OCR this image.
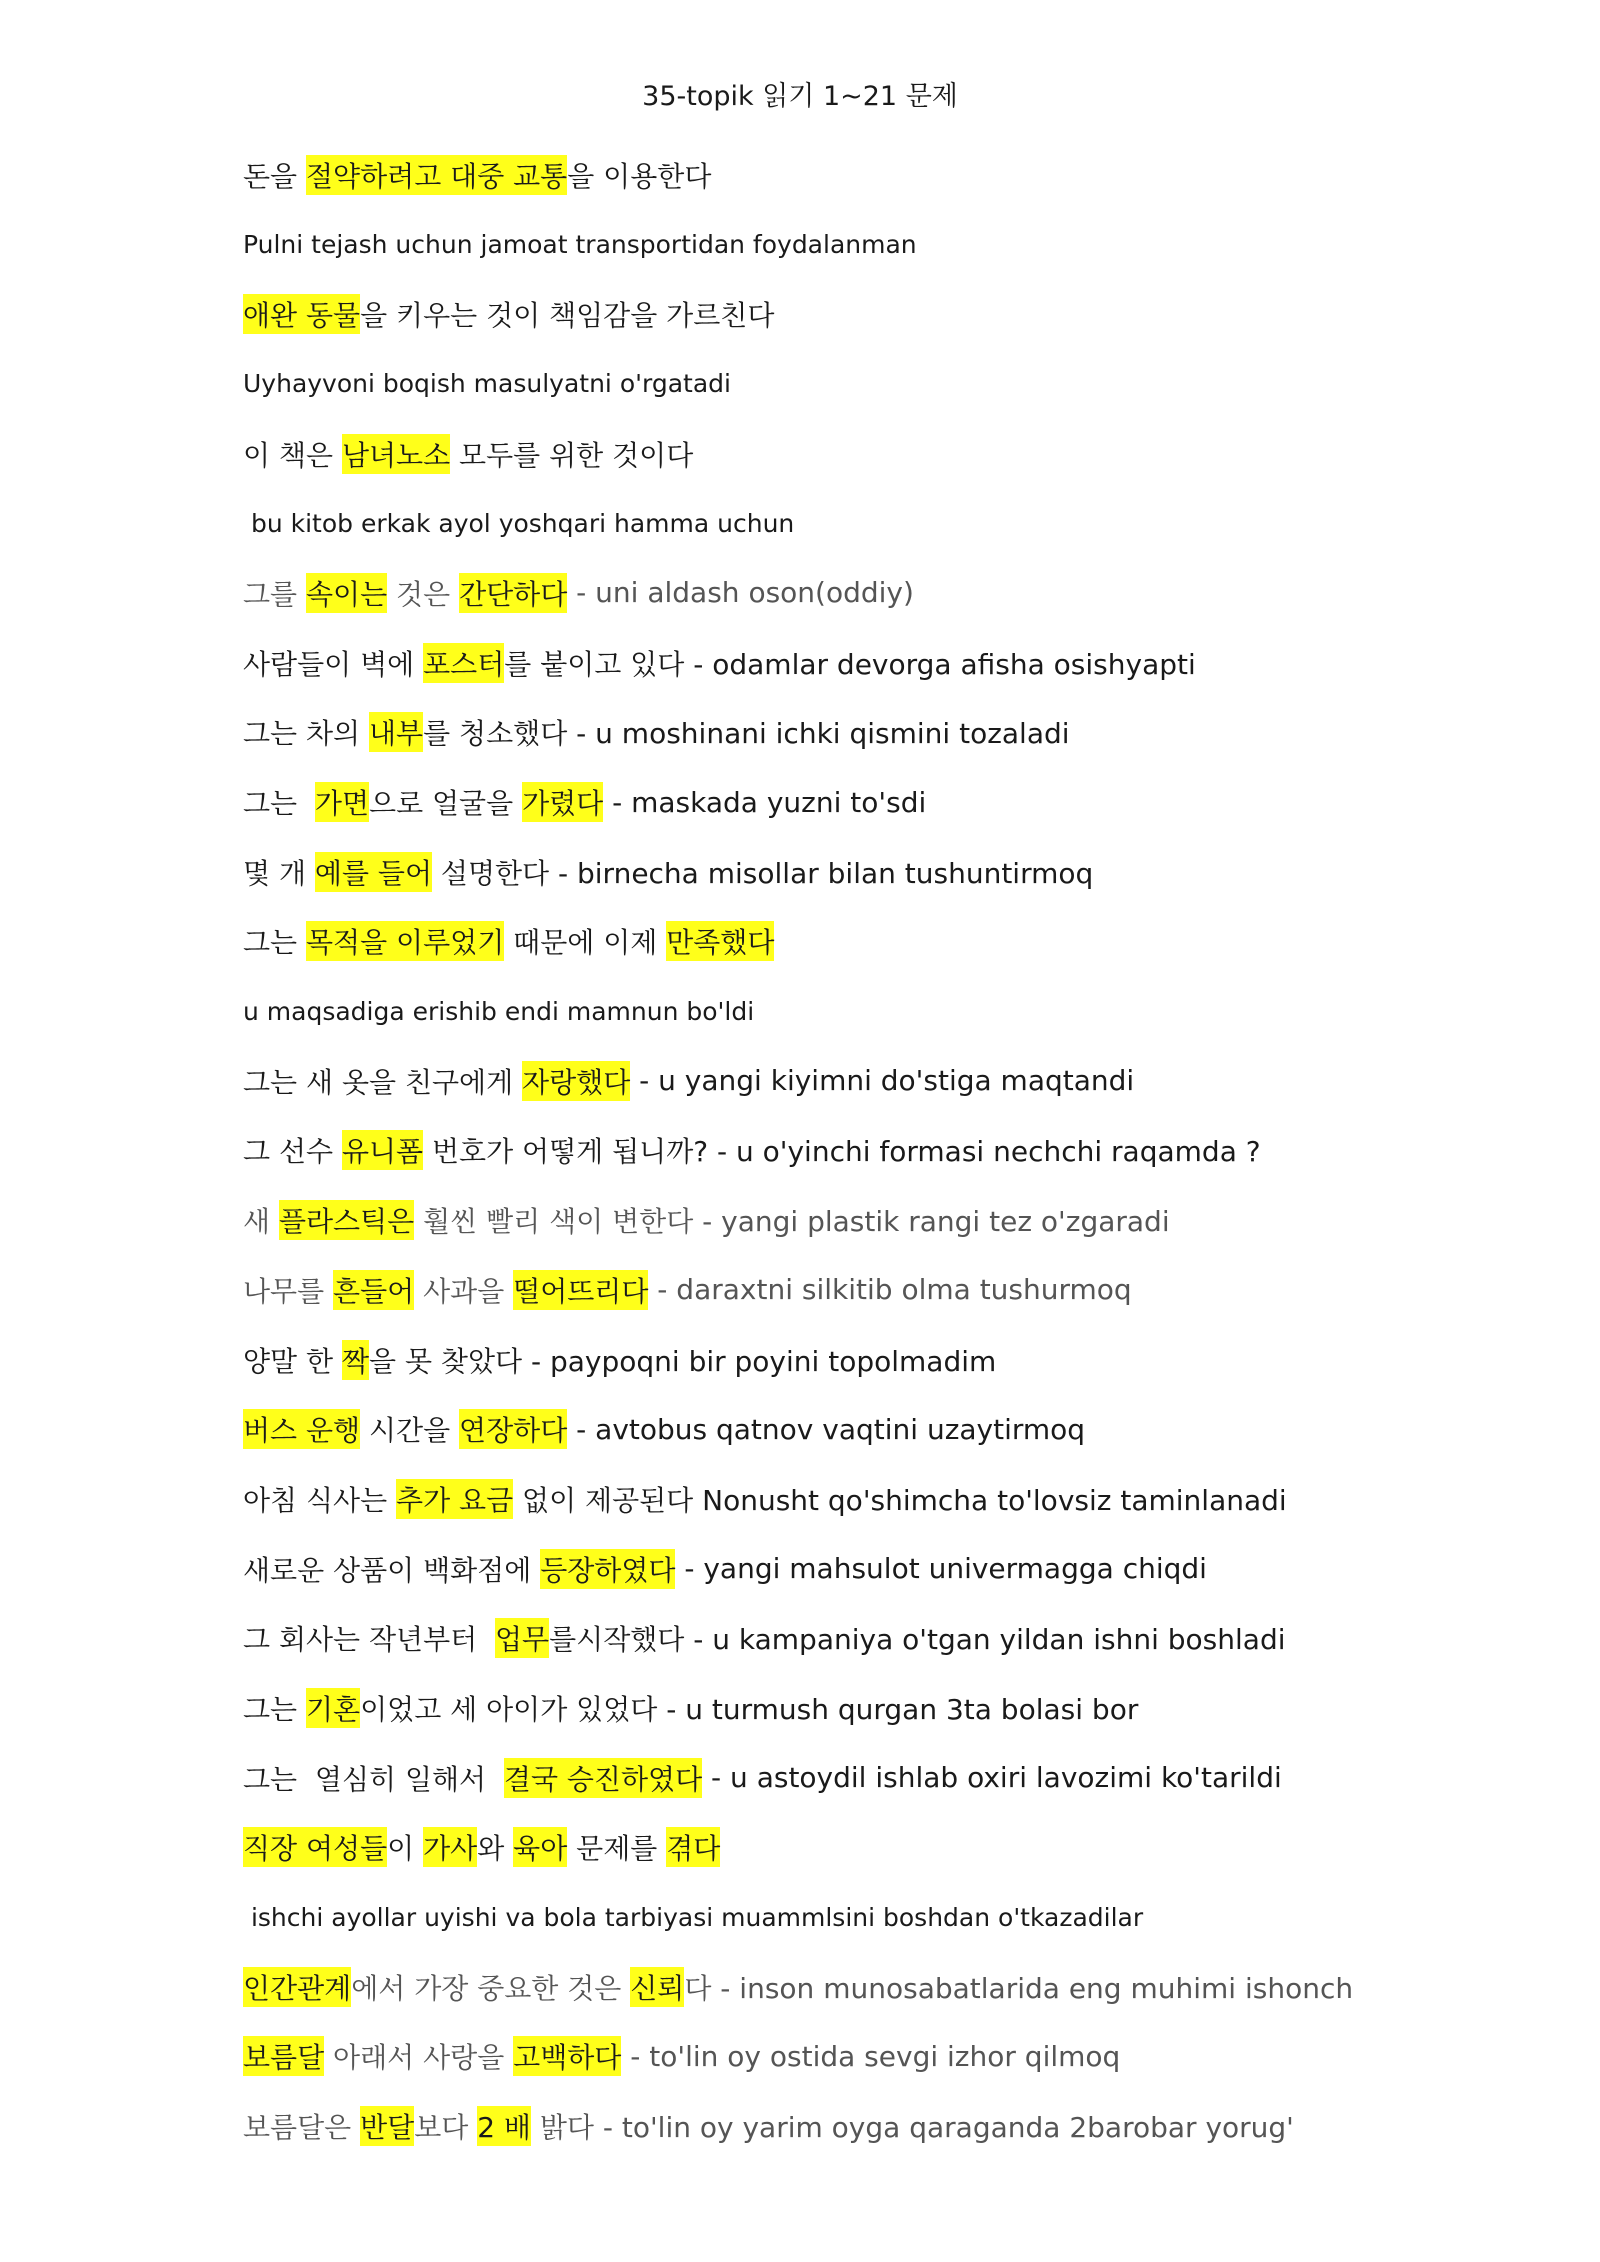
35-topik 읽기 1~21 문제
돈을 절약하려고 대중 교통 을 이용한다
Pulni tejash uchun jamoat transportidan foydalanman
애완 동물 을 키우는 것이 책임감을 가르친다
Uyhayvoni boqish masulyatni o'rgatadi
이 책은 남녀노소 모두를 위한 것이다
bu kitob erkak ayol yoshqari hamma uchun
그를 속이는 것은 간단하다 - uni aldash oson(oddiy)
사람들이 벽에 포스터 를 붙이고 있다 - odamlar devorga afisha osishyapti
그는 차의 내부 를 청소했다 - u moshinani ichki qismini tozaladi
그는 가면 으로 얼굴을 가렸다 - maskada yuzni to'sdi
몇 개 예를 들어 설명한다 - birnecha misollar bilan tushuntirmoq
그는 목적을 이루었기 때문에 이제 만족했다
u maqsadiga erishib endi mamnun bo'ldi
그는 새 옷을 친구에게 자랑했다 - u yangi kiyimni do'stiga maqtandi
그 선수 유니폼 번호가 어떻게 됩니까? - u o'yinchi formasi nechchi raqamda ?
새 플라스틱은 훨씬 빨리 색이 변한다 - yangi plastik rangi tez o'zgaradi
나무를 흔들어 사과을 떨어뜨리다 - daraxtni silkitib olma tushurmoq
양말 한 짝 을 못 찾았다 - paypoqni bir poyini topolmadim
버스 운행 시간을 연장하다 - avtobus qatnov vaqtini uzaytirmoq
아침 식사는 추가 요금 없이 제공된다 Nonusht qo'shimcha to'lovsiz taminlanadi
새로운 상품이 백화점에 등장하였다 - yangi mahsulot univermagga chiqdi
그 회사는 작년부터 업무 를시작했다 - u kampaniya o'tgan yildan ishni boshladi
그는 기혼 이었고 세 아이가 있었다 - u turmush qurgan 3ta bolasi bor
그는  열심히 일해서 결국 승진하였다 - u astoydil ishlab oxiri lavozimi ko'tarildi
직장 여성들 이 가사 와 육아 문제를 겪다
ishchi ayollar uyishi va bola tarbiyasi muammlsini boshdan o'tkazadilar
인간관계 에서 가장 중요한 것은 신뢰 다 - inson munosabatlarida eng muhimi ishonch
보름달 아래서 사랑을 고백하다 - to'lin oy ostida sevgi izhor qilmoq
보름달은 반달 보다 2 배 밝다 - to'lin oy yarim oyga qaraganda 2barobar yorug'
